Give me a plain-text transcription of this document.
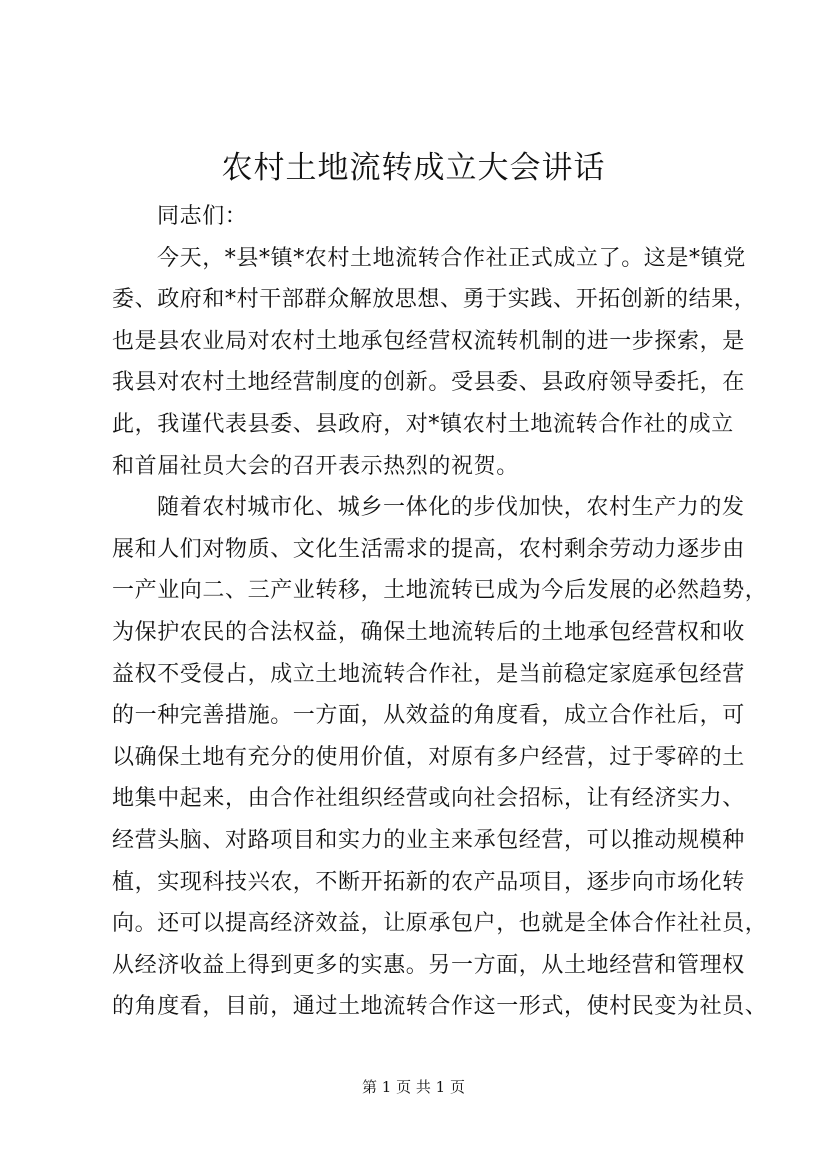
农村土地流转成立大会讲话
同志们：
今天，*县*镇*农村土地流转合作社正式成立了。这是*镇党
委、政府和*村干部群众解放思想、勇于实践、开拓创新的结果，
也是县农业局对农村土地承包经营权流转机制的进一步探索，是
我县对农村土地经营制度的创新。受县委、县政府领导委托，在
此，我谨代表县委、县政府，对*镇农村土地流转合作社的成立
和首届社员大会的召开表示热烈的祝贺。
随着农村城市化、城乡一体化的步伐加快，农村生产力的发
展和人们对物质、文化生活需求的提高，农村剩余劳动力逐步由
一产业向二、三产业转移，土地流转已成为今后发展的必然趋势，
为保护农民的合法权益，确保土地流转后的土地承包经营权和收
益权不受侵占，成立土地流转合作社，是当前稳定家庭承包经营
的一种完善措施。一方面，从效益的角度看，成立合作社后，可
以确保土地有充分的使用价值，对原有多户经营，过于零碎的土
地集中起来，由合作社组织经营或向社会招标，让有经济实力、
经营头脑、对路项目和实力的业主来承包经营，可以推动规模种
植，实现科技兴农，不断开拓新的农产品项目，逐步向市场化转
向。还可以提高经济效益，让原承包户，也就是全体合作社社员，
从经济收益上得到更多的实惠。另一方面，从土地经营和管理权
的角度看，目前，通过土地流转合作这一形式，使村民变为社员、
第 1 页 共 1 页
